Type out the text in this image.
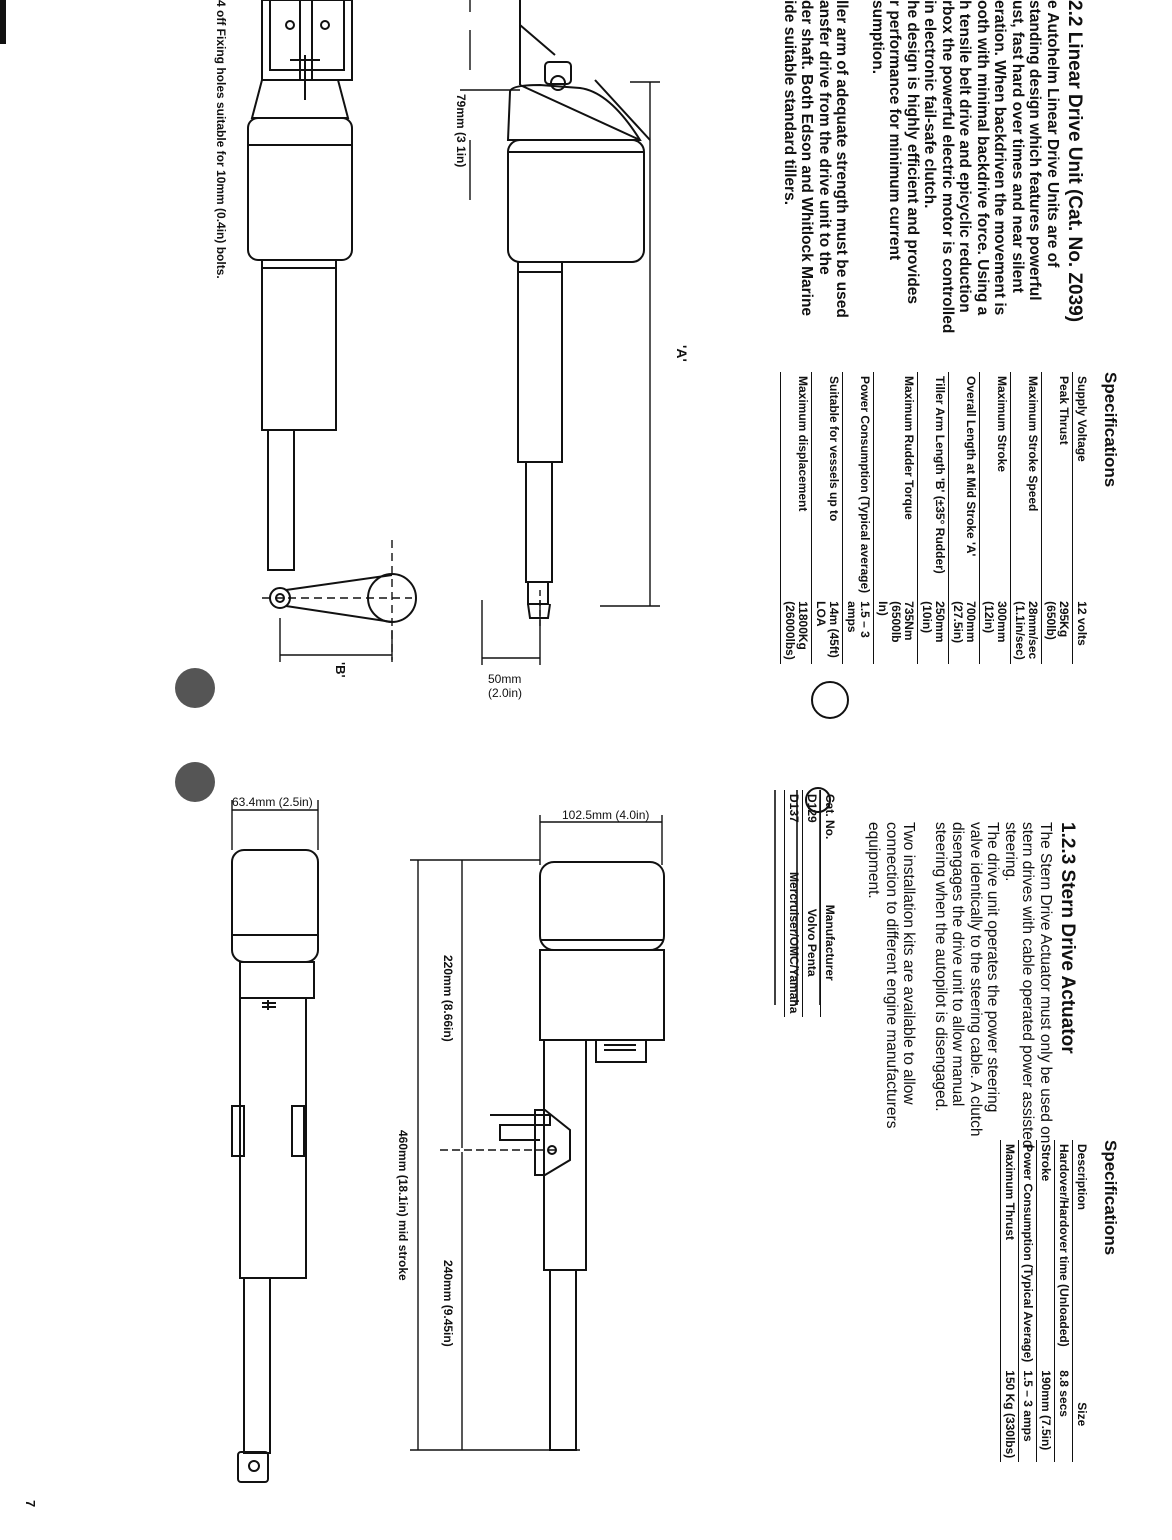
2.2 Linear Drive Unit (Cat. No. Z039)
e Autohelm Linear Drive Units are of
standing design which features powerful
ust, fast hard over times and near silent
eration. When backdriven the movement is
ooth with minimal backdrive force. Using a
h tensile belt drive and epicyclic reduction
rbox the powerful electric motor is controlled
in electronic fail-safe clutch.
he design is highly efficient and provides
r performance for minimum current
sumption.
ller arm of adequate strength must be used
ansfer drive from the drive unit to the
der shaft. Both Edson and Whitlock Marine
ide suitable standard tillers.
4 off Fixing holes suitable for 10mm (0.4in) bolts.	79mm (3 1in)
'A'
'B'
50mm
(2.0in)
Specifications
Supply Voltage	12 volts
Peak Thrust	295Kg (650lb)
Maximum Stroke Speed	28mm/sec (1.1in/sec)
Maximum Stroke	300mm (12in)
Overall Length at Mid Stroke 'A'	700mm (27.5in)
Tiller Arm Length 'B' (±35° Rudder)	250mm (10in)
Maximum Rudder Torque	735Nm (6500lb In)
Power Consumption (Typical average)	1.5 – 3 amps
Suitable for vessels up to	14m (45ft) LOA
Maximum displacement	11800Kg (26000lbs)
1.2.3 Stern Drive Actuator
The Stern Drive Actuator must only be used on
stern drives with cable operated power assisted
steering.
The drive unit operates the power steering
valve identically to the steering cable. A clutch
disengages the drive unit to allow manual
steering when the autopilot is disengaged.
Two installation kits are available to allow
connection to different engine manufacturers
equipment.
Cat. No.	Manufacturer
D129	Volvo Penta
D137	Mercruiser/OMC/Yamaha
Specifications
Description	Size
Hardover/Hardover time (Unloaded)	8.8 secs
Stroke	190mm (7.5in)
Power Consumption (Typical Average)	1.5 – 3 amps
Maximum Thrust	150 Kg (330lbs)
102.5mm (4.0in)
63.4mm (2.5in)
220mm (8.66in)
240mm (9.45in)
460mm (18.1in) mid stroke
7
